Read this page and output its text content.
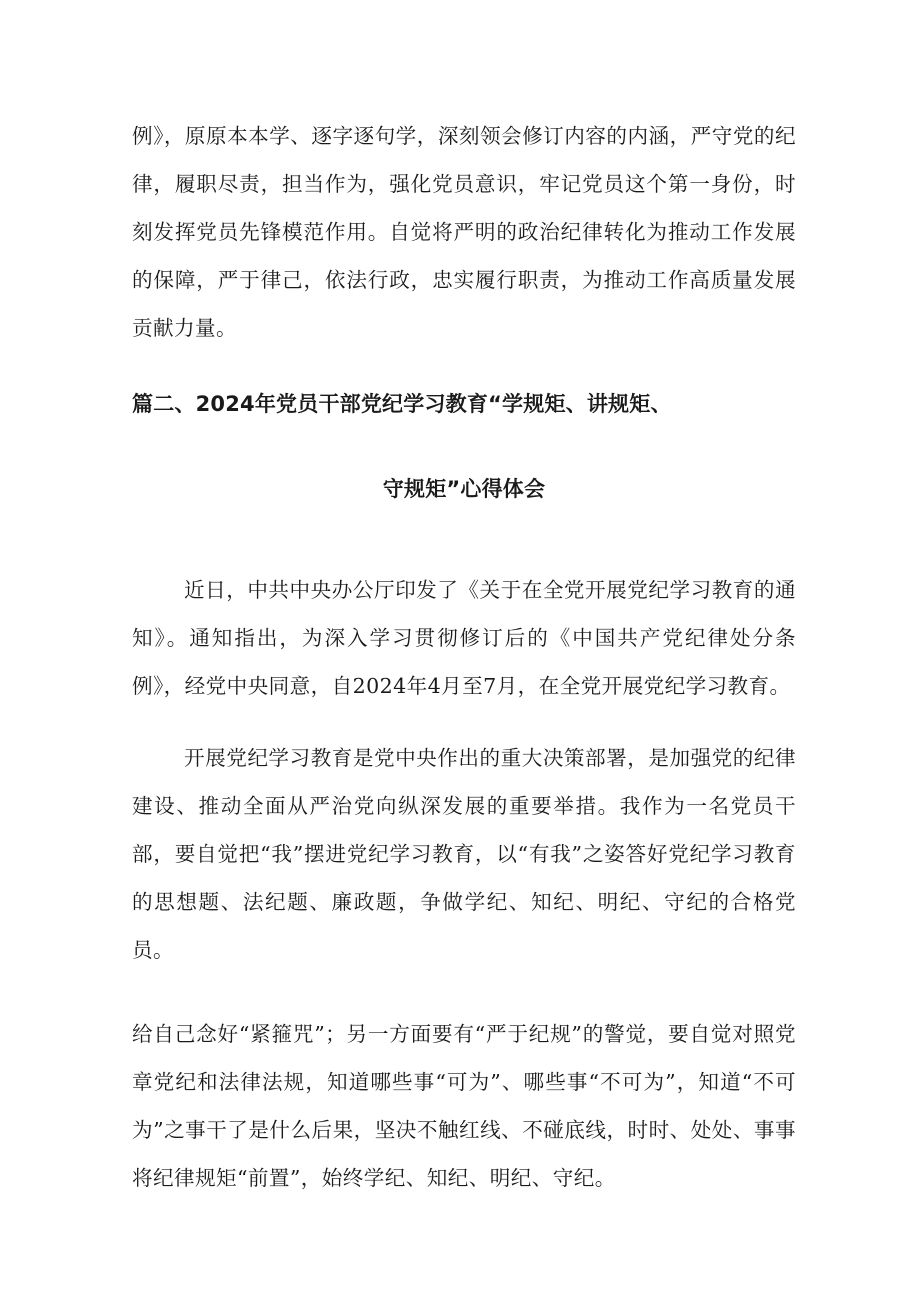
例》，原原本本学、逐字逐句学，深刻领会修订内容的内涵，严守党的纪律，履职尽责，担当作为，强化党员意识，牢记党员这个第一身份，时刻发挥党员先锋模范作用。自觉将严明的政治纪律转化为推动工作发展的保障，严于律己，依法行政，忠实履行职责，为推动工作高质量发展贡献力量。

篇二、2024年党员干部党纪学习教育“学规矩、讲规矩、
守规矩”心得体会

近日，中共中央办公厅印发了《关于在全党开展党纪学习教育的通知》。通知指出，为深入学习贯彻修订后的《中国共产党纪律处分条例》，经党中央同意，自2024年4月至7月，在全党开展党纪学习教育。

开展党纪学习教育是党中央作出的重大决策部署，是加强党的纪律建设、推动全面从严治党向纵深发展的重要举措。我作为一名党员干部，要自觉把“我”摆进党纪学习教育，以“有我”之姿答好党纪学习教育的思想题、法纪题、廉政题，争做学纪、知纪、明纪、守纪的合格党员。

给自己念好“紧箍咒”；另一方面要有“严于纪规”的警觉，要自觉对照党章党纪和法律法规，知道哪些事“可为”、哪些事“不可为”，知道“不可为”之事干了是什么后果，坚决不触红线、不碰底线，时时、处处、事事将纪律规矩“前置”，始终学纪、知纪、明纪、守纪。
